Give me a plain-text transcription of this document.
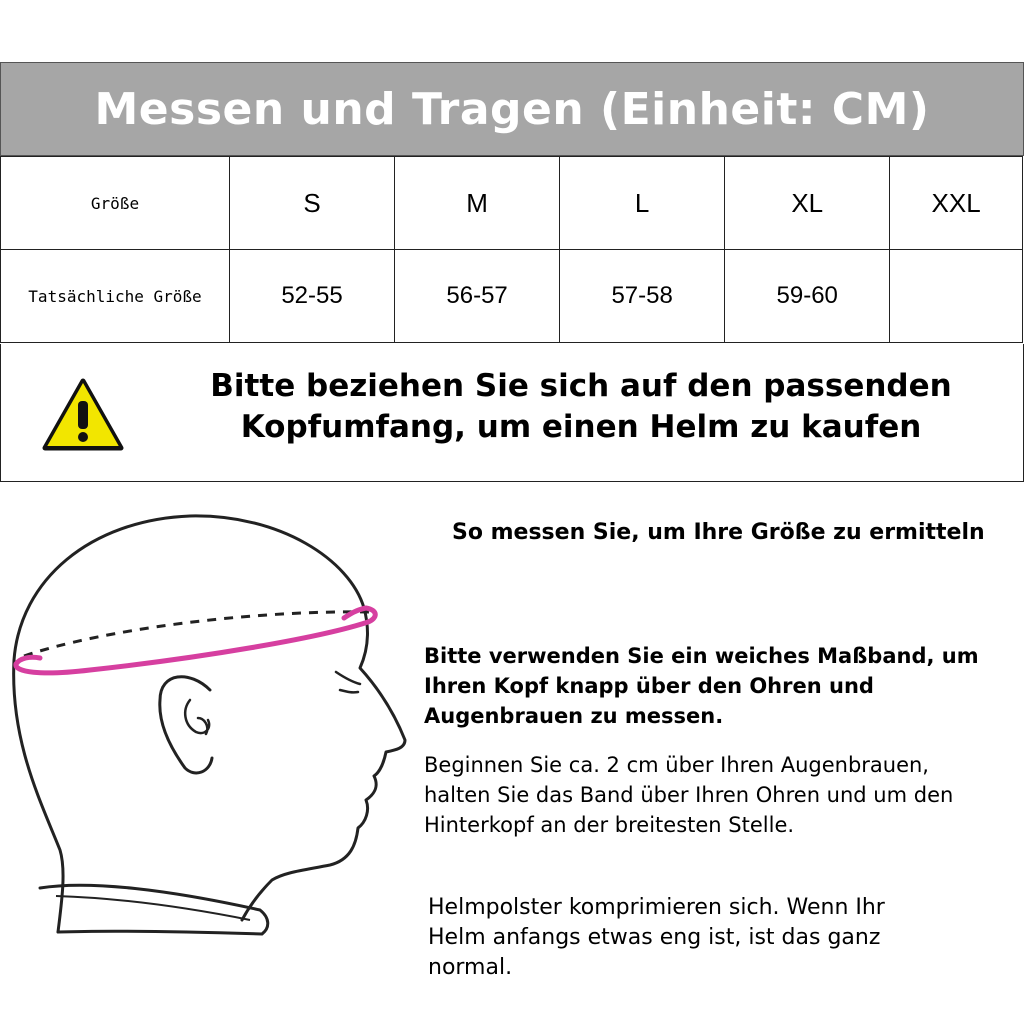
Messen und Tragen (Einheit: CM)
Größe	S	M	L	XL	XXL
Tatsächliche Größe	52-55	56-57	57-58	59-60	
Bitte beziehen Sie sich auf den passenden
Kopfumfang, um einen Helm zu kaufen
So messen Sie, um Ihre Größe zu ermitteln
Bitte verwenden Sie ein weiches Maßband, um
Ihren Kopf knapp über den Ohren und
Augenbrauen zu messen.
Beginnen Sie ca. 2 cm über Ihren Augenbrauen,
halten Sie das Band über Ihren Ohren und um den
Hinterkopf an der breitesten Stelle.
Helmpolster komprimieren sich. Wenn Ihr
Helm anfangs etwas eng ist, ist das ganz
normal.
